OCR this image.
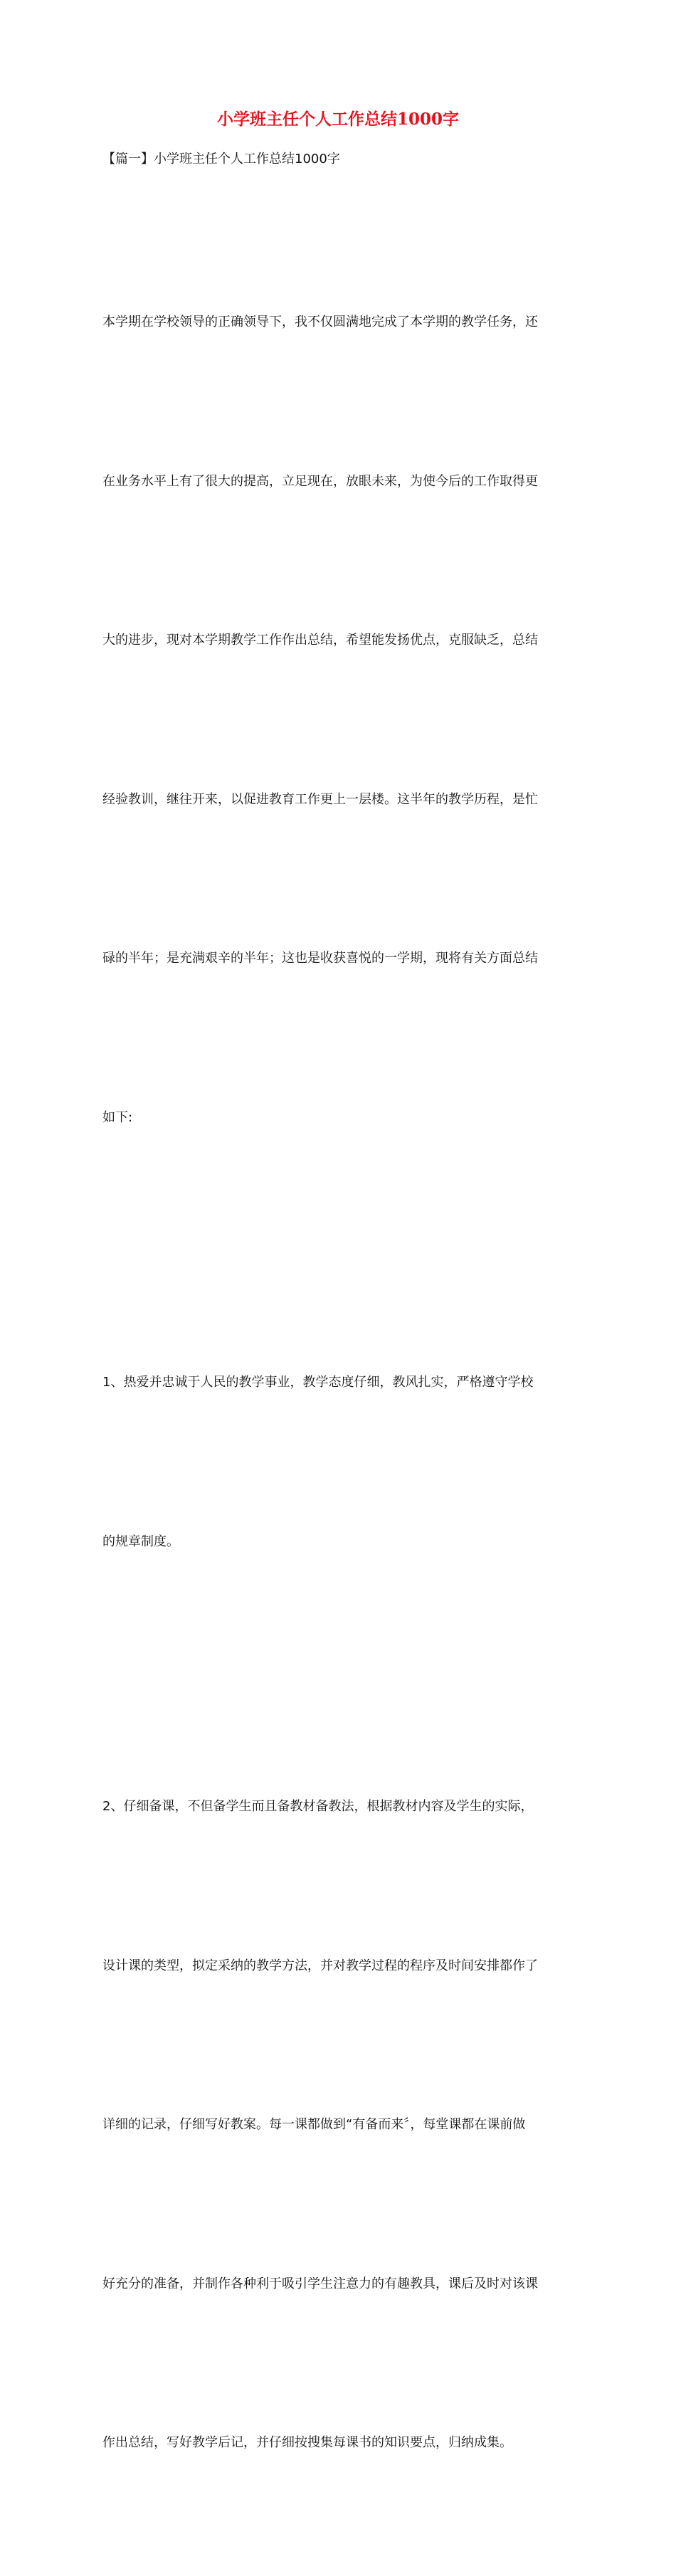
小学班主任个人工作总结1000字

【篇一】小学班主任个人工作总结1000字

本学期在学校领导的正确领导下，我不仅圆满地完成了本学期的教学任务，还

在业务水平上有了很大的提高，立足现在，放眼未来，为使今后的工作取得更

大的进步，现对本学期教学工作作出总结，希望能发扬优点，克服缺乏，总结

经验教训，继往开来，以促进教育工作更上一层楼。这半年的教学历程，是忙

碌的半年；是充满艰辛的半年；这也是收获喜悦的一学期，现将有关方面总结

如下:

1、热爱并忠诚于人民的教学事业，教学态度仔细，教风扎实，严格遵守学校

的规章制度。

2、仔细备课，不但备学生而且备教材备教法，根据教材内容及学生的实际，

设计课的类型，拟定采纳的教学方法，并对教学过程的程序及时间安排都作了

详细的记录，仔细写好教案。每一课都做到“有备而来〞，每堂课都在课前做

好充分的准备，并制作各种利于吸引学生注意力的有趣教具，课后及时对该课

作出总结，写好教学后记，并仔细按搜集每课书的知识要点，归纳成集。
